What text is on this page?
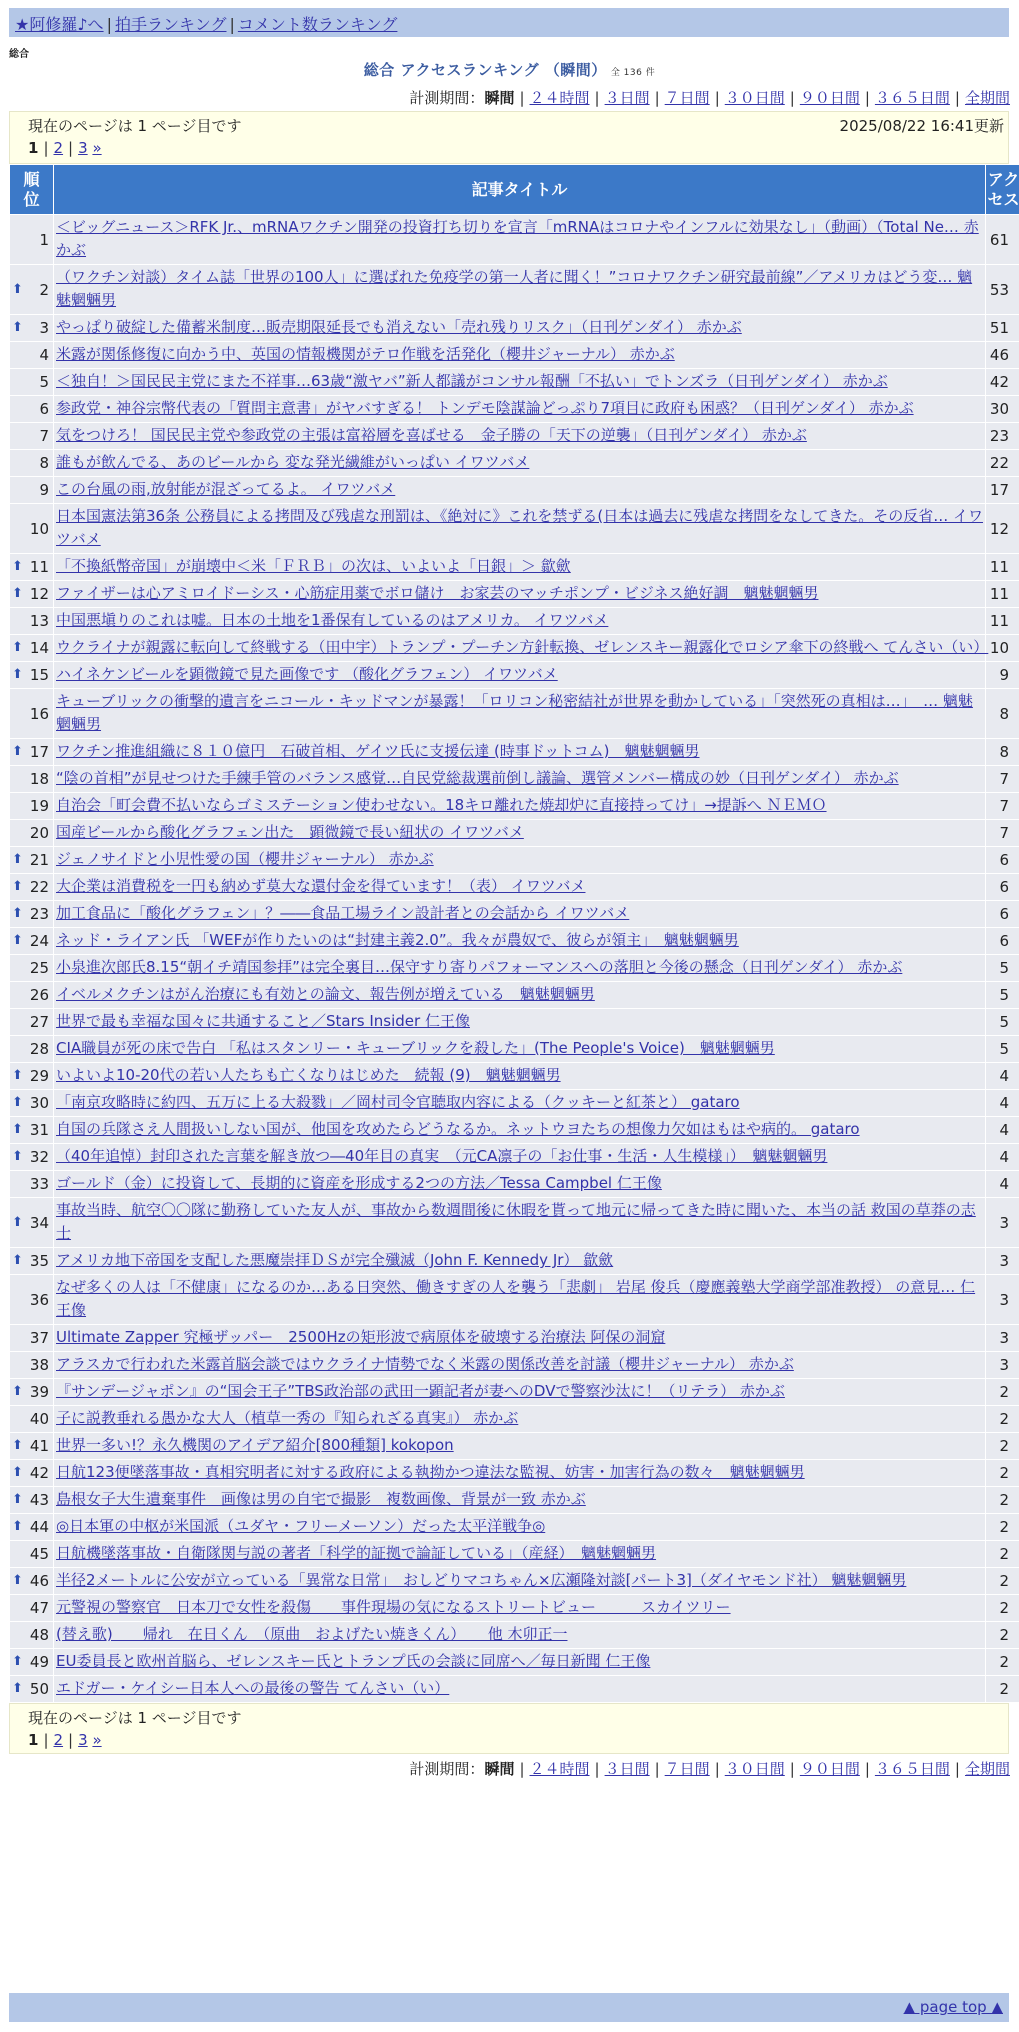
★阿修羅♪へ | 拍手ランキング | コメント数ランキング
総合
総合 アクセスランキング （瞬間） 全 136 件
計測期間：瞬間 | ２４時間 | ３日間 | ７日間 | ３０日間 | ９０日間 | ３６５日間 | 全期間
現在のページは 1 ページ目です	2025/08/22 16:41更新
1 | 2 | 3 »
順位	記事タイトル	アクセス
1	＜ビッグニュース＞RFK Jr.、mRNAワクチン開発の投資打ち切りを宣言「mRNAはコロナやインフルに効果なし」（動画）（Total Ne… 赤かぶ	61

⬆ 2	（ワクチン対談）タイム誌「世界の100人」に選ばれた免疫学の第一人者に聞く！”コロナワクチン研究最前線”／アメリカはどう変… 魑魅魍魎男	53

⬆ 3	やっぱり破綻した備蓄米制度…販売期限延長でも消えない「売れ残りリスク」（日刊ゲンダイ） 赤かぶ	51
4	米露が関係修復に向かう中、英国の情報機関がテロ作戦を活発化（櫻井ジャーナル） 赤かぶ	46
5	＜独自！＞国民民主党にまた不祥事…63歳“激ヤバ”新人都議がコンサル報酬「不払い」でトンズラ（日刊ゲンダイ） 赤かぶ	42
6	参政党・神谷宗幣代表の「質問主意書」がヤバすぎる！ トンデモ陰謀論どっぷり7項目に政府も困惑？（日刊ゲンダイ） 赤かぶ	30
7	気をつけろ！ 国民民主党や参政党の主張は富裕層を喜ばせる　金子勝の「天下の逆襲」（日刊ゲンダイ） 赤かぶ	23
8	誰もが飲んでる、あのビールから 変な発光繊維がいっぱい イワツバメ	22
9	この台風の雨,放射能が混ざってるよ。 イワツバメ	17
10	日本国憲法第36条 公務員による拷問及び残虐な刑罰は、《絶対に》これを禁ずる(日本は過去に残虐な拷問をなしてきた。その反省… イワツバメ	12

⬆ 11	「不換紙幣帝国」が崩壊中＜米「ＦＲＢ」の次は、いよいよ「日銀」＞ 歙歛	11

⬆ 12	ファイザーは心アミロイドーシス・心筋症用薬でボロ儲け　お家芸のマッチポンプ・ビジネス絶好調　魑魅魍魎男	11
13	中国悪塡りのこれは嘘。日本の土地を1番保有しているのはアメリカ。 イワツバメ	11

⬆ 14	ウクライナが親露に転向して終戦する（田中宇）トランプ・プーチン方針転換、ゼレンスキー親露化でロシア傘下の終戦へ てんさい（い）	10

⬆ 15	ハイネケンビールを顕微鏡で見た画像です （酸化グラフェン） イワツバメ	9
16	キューブリックの衝撃的遺言をニコール・キッドマンが暴露！「ロリコン秘密結社が世界を動かしている」「突然死の真相は…」　… 魑魅魍魎男	8

⬆ 17	ワクチン推進組織に８１０億円　石破首相、ゲイツ氏に支援伝達 (時事ドットコム)　魑魅魍魎男	8
18	“陰の首相”が見せつけた手練手管のバランス感覚…自民党総裁選前倒し議論、選管メンバー構成の妙（日刊ゲンダイ） 赤かぶ	7
19	自治会「町会費不払いならゴミステーション使わせない。18キロ離れた焼却炉に直接持ってけ」→提訴へ ＮＥＭＯ	7
20	国産ビールから酸化グラフェン出た　顕微鏡で長い紐状の イワツバメ	7

⬆ 21	ジェノサイドと小児性愛の国（櫻井ジャーナル） 赤かぶ	6

⬆ 22	大企業は消費税を一円も納めず莫大な還付金を得ています！（表） イワツバメ	6

⬆ 23	加工食品に「酸化グラフェン」？――食品工場ライン設計者との会話から イワツバメ	6

⬆ 24	ネッド・ライアン氏 「WEFが作りたいのは“封建主義2.0”。我々が農奴で、彼らが領主」　魑魅魍魎男	6
25	小泉進次郎氏8.15“朝イチ靖国参拝”は完全裏目…保守すり寄りパフォーマンスへの落胆と今後の懸念（日刊ゲンダイ） 赤かぶ	5
26	イベルメクチンはがん治療にも有効との論文、報告例が増えている　魑魅魍魎男	5
27	世界で最も幸福な国々に共通すること／Stars Insider 仁王像	5
28	CIA職員が死の床で告白 「私はスタンリー・キューブリックを殺した」(The People's Voice)　魑魅魍魎男	5

⬆ 29	いよいよ10-20代の若い人たちも亡くなりはじめた　続報 (9)　魑魅魍魎男	4

⬆ 30	「南京攻略時に約四、五万に上る大殺戮」／岡村司令官聴取内容による（クッキーと紅茶と） gataro	4

⬆ 31	自国の兵隊さえ人間扱いしない国が、他国を攻めたらどうなるか。ネットウヨたちの想像力欠如はもはや病的。 gataro	4

⬆ 32	（40年追悼）封印された言葉を解き放つ―40年目の真実　（元CA凛子の「お仕事・生活・人生模様」）　魑魅魍魎男	4
33	ゴールド（金）に投資して、長期的に資産を形成する2つの方法／Tessa Campbel 仁王像	4

⬆ 34	事故当時、航空〇〇隊に勤務していた友人が、事故から数週間後に休暇を貰って地元に帰ってきた時に聞いた、本当の話 救国の草莽の志士	3

⬆ 35	アメリカ地下帝国を支配した悪魔崇拝ＤＳが完全殲滅（John F. Kennedy Jr） 歙歛	3
36	なぜ多くの人は「不健康」になるのか…ある日突然、働きすぎの人を襲う「悲劇」 岩尾 俊兵（慶應義塾大学商学部准教授） の意見… 仁王像	3
37	Ultimate Zapper 究極ザッパー　2500Hzの矩形波で病原体を破壊する治療法 阿保の洞窟	3
38	アラスカで行われた米露首脳会談ではウクライナ情勢でなく米露の関係改善を討議（櫻井ジャーナル） 赤かぶ	3

⬆ 39	『サンデージャポン』の“国会王子”TBS政治部の武田一顕記者が妻へのDVで警察沙汰に！（リテラ） 赤かぶ	2
40	子に説教垂れる愚かな大人（植草一秀の『知られざる真実』） 赤かぶ	2

⬆ 41	世界一多い!？永久機関のアイデア紹介[800種類] kokopon	2

⬆ 42	日航123便墜落事故・真相究明者に対する政府による執拗かつ違法な監視、妨害・加害行為の数々　魑魅魍魎男	2

⬆ 43	島根女子大生遺棄事件　画像は男の自宅で撮影　複数画像、背景が一致 赤かぶ	2

⬆ 44	◎日本軍の中枢が米国派（ユダヤ・フリーメーソン）だった太平洋戦争◎	2
45	日航機墜落事故・自衛隊関与説の著者「科学的証拠で論証している」（産経）　魑魅魍魎男	2

⬆ 46	半径2メートルに公安が立っている「異常な日常」　おしどりマコちゃん×広瀬隆対談[パート3]（ダイヤモンド社） 魑魅魍魎男	2
47	元警視の警察官　日本刀で女性を殺傷　　事件現場の気になるストリートビュー　　　スカイツリー	2
48	(替え歌)　　帰れ　在日くん　（原曲　およげたい焼きくん）　　他 木卯正一	2

⬆ 49	EU委員長と欧州首脳ら、ゼレンスキー氏とトランプ氏の会談に同席へ／毎日新聞 仁王像	2

⬆ 50	エドガー・ケイシー日本人への最後の警告 てんさい（い）	2
現在のページは 1 ページ目です
1 | 2 | 3 »
計測期間：瞬間 | ２４時間 | ３日間 | ７日間 | ３０日間 | ９０日間 | ３６５日間 | 全期間
▲ page top ▲
